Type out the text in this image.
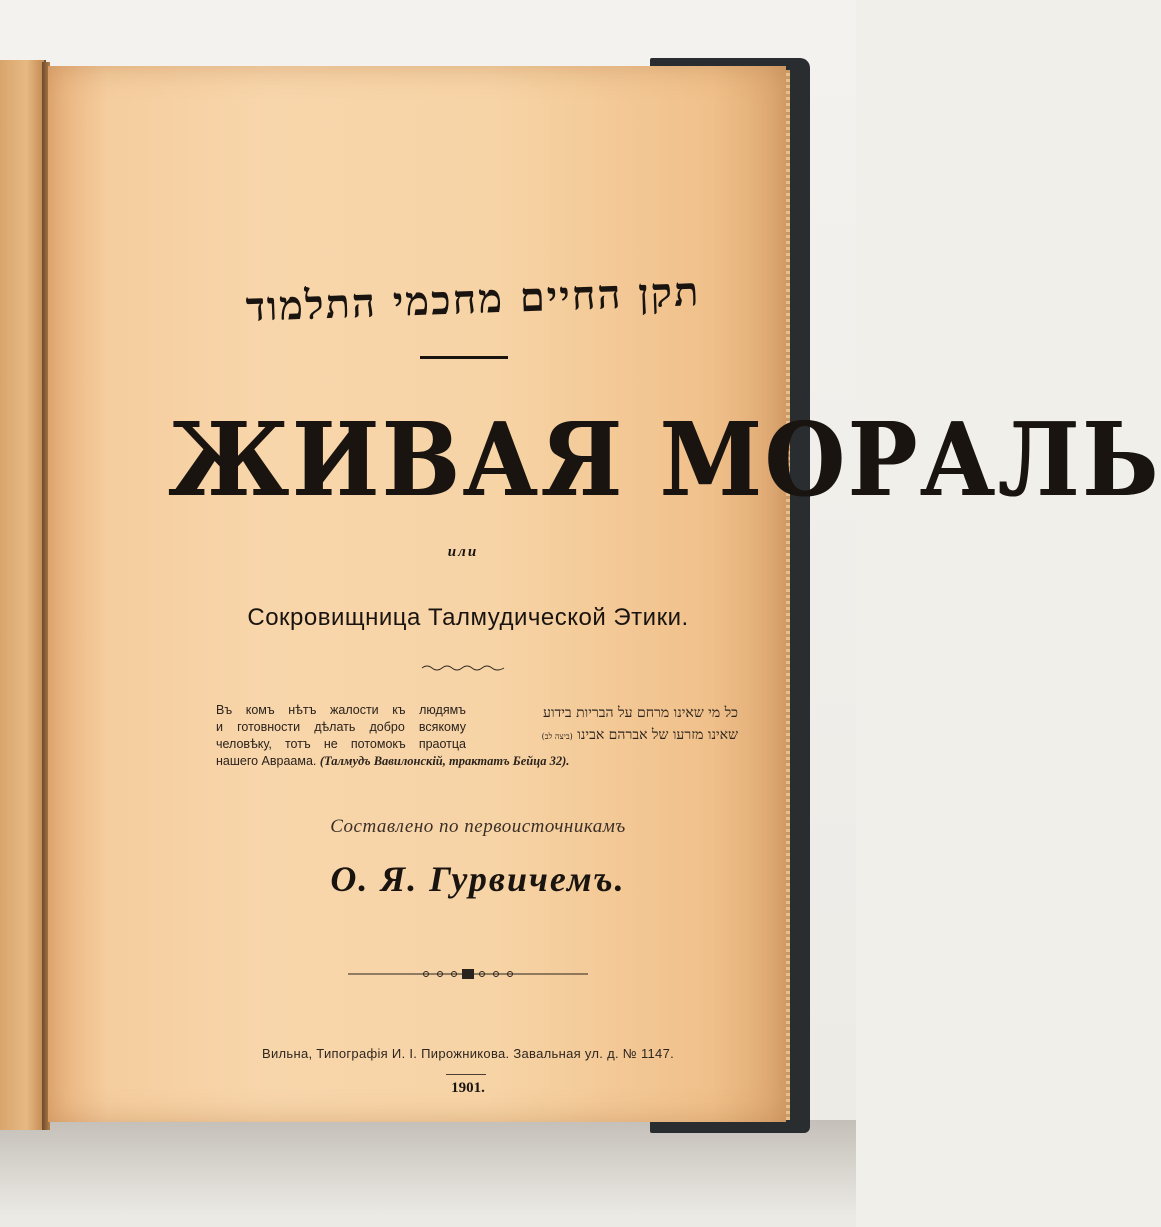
תקן החיים מחכמי התלמוד
ЖИВАЯ МОРАЛЬ
или
Сокровищница Талмудической Этики.
Въ комъ нѣтъ жалости къ людямъ
и готовности дѣлать добро всякому
человѣку, тотъ не потомокъ праотца
нашего Авраама. (Талмудъ Вавилонскій, трактатъ Бейца 32).
כל מי שאינו מרחם על הבריות בידוע
שאינו מזרעו של אברהם אבינו (ביצה לב)
Составлено по первоисточникамъ
О. Я. Гурвичемъ.
Вильна, Типографія И. І. Пирожникова. Завальная ул. д. № 1147.
1901.
